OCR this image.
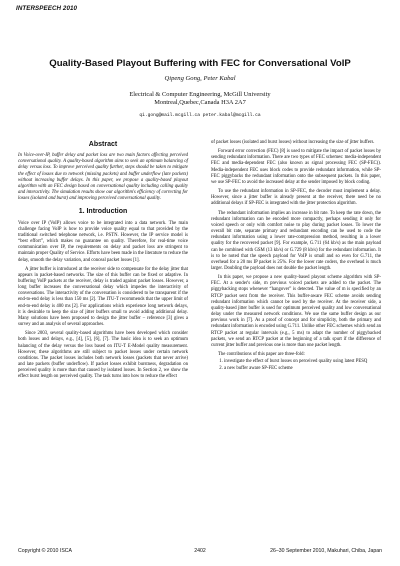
INTERSPEECH 2010
Quality-Based Playout Buffering with FEC for Conversational VoIP
Qipeng Gong, Peter Kabal
Electrical & Computer Engineering, McGill University
Montreal,Quebec,Canada H3A 2A7
qi.gong@mail.mcgill.ca peter.kabal@mcgill.ca
Abstract

In Voice-over-IP, buffer delay and packet loss are two main factors affecting perceived conversational quality. A quality-based algorithm aims to seek an optimum balancing of delay versus loss. To improve perceived quality further, steps should be taken to mitigate the effect of losses due to network (missing packets) and buffer underflow (late packets) without increasing buffer delays. In this paper, we propose a quality-based playout algorithm with an FEC design based on conversational quality including calling quality and interactivity. The simulation results show our algorithm's efficiency of correcting for losses (isolated and burst) and improving perceived conversational quality.

1. Introduction

Voice over IP (VoIP) allows voice to be integrated into a data network. The main challenge facing VoIP is how to provide voice quality equal to that provided by the traditional switched telephone network, i.e. PSTN. However, the IP service model is “best effort”, which makes no guarantee on quality. Therefore, for real-time voice communication over IP, the requirements on delay and packet loss are stringent to maintain proper Quality of Service. Efforts have been made in the literature to reduce the delay, smooth the delay variation, and conceal packet losses [1].

A jitter buffer is introduced at the receiver side to compensate for the delay jitter that appears in packet-based networks. The size of this buffer can be fixed or adaptive. In buffering VoIP packets at the receiver, delay is traded against packet losses. However, a long buffer increases the conversational delay which impedes the interactivity of conversations. The interactivity of the conversation is considered to be transparent if the end-to-end delay is less than 150 ms [2]. The ITU-T recommends that the upper limit of end-to-end delay is 400 ms [2]. For applications which experience long network delays, it is desirable to keep the size of jitter buffers small to avoid adding additional delay. Many solutions have been proposed to design the jitter buffer – reference [3] gives a survey and an analysis of several approaches.

Since 2003, several quality-based algorithms have been developed which consider both losses and delays, e.g., [4], [5], [6], [7]. The basic idea is to seek an optimum balancing of the delay versus the loss based on ITU-T E-Model quality measurement. However, these algorithms are still subject to packet losses under certain network conditions. The packet losses includes both network losses (packets that never arrive) and late packets (buffer underflow). If packet losses exhibit burstness, degradation on perceived quality is more than that caused by isolated losses. In Section 2, we show the effect burst length on perceived quality. The task turns into how to reduce the effect

of packet losses (isolated and burst losses) without increasing the size of jitter buffers.

Forward error correction (FEC) [8] is used to mitigate the impact of packet losses by sending redundant information. There are two types of FEC schemes: media-independent FEC and media-dependent FEC (also known as signal processing FEC (SP-FEC)). Media-independent FEC uses block codes to provide redundant information, while SP-FEC piggybacks the redundant information onto the subsequent packets. In this paper, we use SP-FEC to avoid the increased delay at the sender imposed by block coding.

To use the redundant information in SP-FEC, the decoder must implement a delay. However, since a jitter buffer is already present at the receiver, there need be no additional delays if SP-FEC is integrated with the jitter protection algorithm.

The redundant information implies an increase in bit rate. To keep the rate down, the redundant information can be encoded more compactly, perhaps sending it only for voiced speech or only with comfort noise to play during packet losses. To lower the overall bit rate, separate primary and redundant encoding can be used to code the redundant information using a lower rate-compression method, resulting in a lower quality for the recovered packet [9]. For example, G.711 (64 kb/s) as the main payload can be combined with GSM (13 kb/s) or G.729 (8 kb/s) for the redundant information. It is to be noted that the speech payload for VoIP is small and so even for G.711, the overhead for a 20 ms IP packet is 25%. For the lower rate coders, the overhead is much larger. Doubling the payload does not double the packet length.

In this paper, we propose a new quality-based playout scheme algorithm with SP-FEC. At a sender's side, m previous voiced packets are added to the packet. The piggybacking stops whenever “hangover” is detected. The value of m is specified by an RTCP packet sent from the receiver. This buffer-aware FEC scheme avoids sending redundant information which cannot be used by the receiver. At the receiver side, a quality-based jitter buffer is used for optimum perceived quality and low conversational delay under the measured network conditions. We use the same buffer design as our previous work in [7]. As a proof of concept and for simplicity, both the primary and redundant information is encoded using G.711. Unlike other FEC schemes which send an RTCP packet at regular intervals (e.g., 5 ms) to adapt the number of piggybacked packets, we send an RTCP packet at the beginning of a talk spurt if the difference of current jitter buffer and previous one is more than one packet length.

The contributions of this paper are three-fold:

1. investigate the effect of burst losses on perceived quality using latest PESQ
2. a new buffer aware SP-FEC scheme
Copyright © 2010 ISCA	2402	26–30 September 2010, Makuhari, Chiba, Japan
